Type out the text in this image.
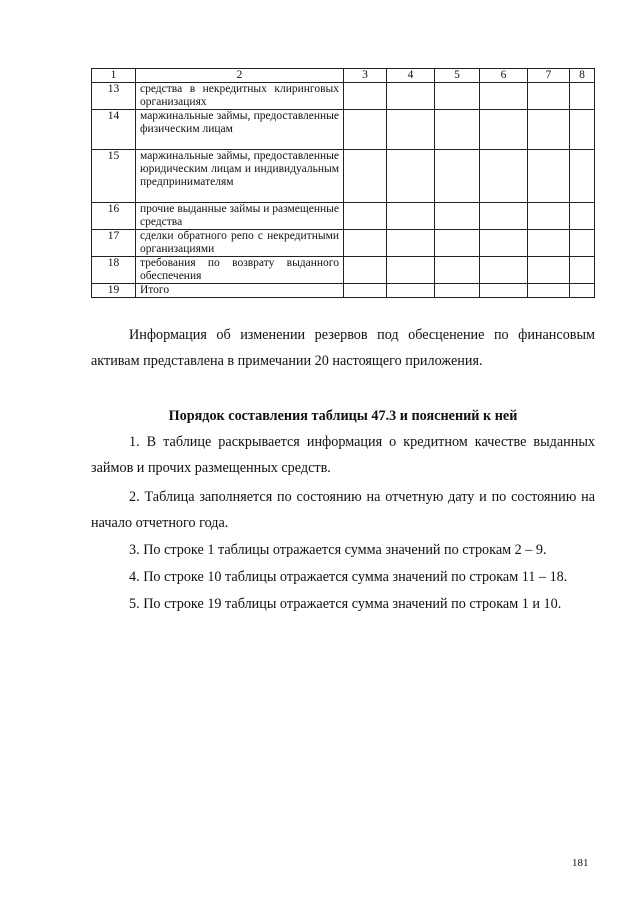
1	2	3	4	5	6	7	8
13	средства в некредитных клиринговых организациях						
14	маржинальные займы, предоставленные физическим лицам						
15	маржинальные займы, предоставленные юридическим лицам и индивидуальным предпринимателям						
16	прочие выданные займы и размещенные средства						
17	сделки обратного репо с некредитными организациями						
18	требования по возврату выданного обеспечения						
19	Итого						

Информация об изменении резервов под обесценение по финансовым активам представлена в примечании 20 настоящего приложения.

Порядок составления таблицы 47.3 и пояснений к ней

1. В таблице раскрывается информация о кредитном качестве выданных займов и прочих размещенных средств.

2. Таблица заполняется по состоянию на отчетную дату и по состоянию на начало отчетного года.

3. По строке 1 таблицы отражается сумма значений по строкам 2 – 9.

4. По строке 10 таблицы отражается сумма значений по строкам 11 – 18.

5. По строке 19 таблицы отражается сумма значений по строкам 1 и 10.

181
